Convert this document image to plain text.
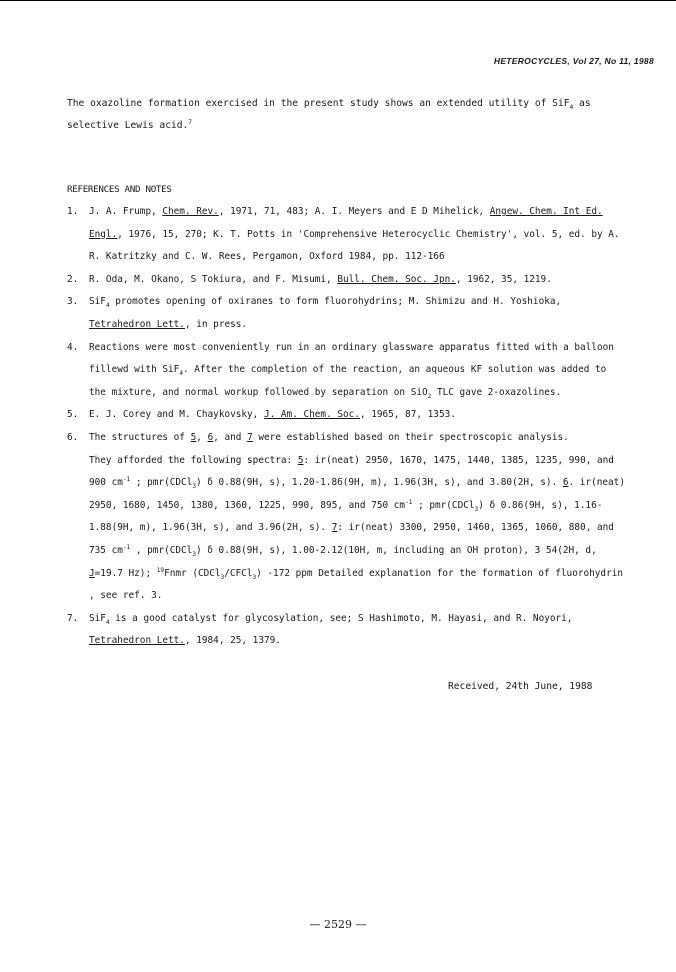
HETEROCYCLES, Vol 27, No 11, 1988
The oxazoline formation exercised in the present study shows an extended utility of SiF$_4$ as selective Lewis acid.$^7$
REFERENCES AND NOTES
1.	J. A. Frump, Chem. Rev., 1971, 71, 483; A. I. Meyers and E D Mihelick, Angew. Chem. Int Ed. Engl., 1976, 15, 270; K. T. Potts in 'Comprehensive Heterocyclic Chemistry', vol. 5, ed. by A. R. Katritzky and C. W. Rees, Pergamon, Oxford 1984, pp. 112-166
2.	R. Oda, M. Okano, S Tokiura, and F. Misumi, Bull. Chem. Soc. Jpn., 1962, 35, 1219.
3.	SiF$_4$ promotes opening of oxiranes to form fluorohydrins; M. Shimizu and H. Yoshioka, Tetrahedron Lett., in press.
4.	Reactions were most conveniently run in an ordinary glassware apparatus fitted with a balloon fillewd with SiF$_4$. After the completion of the reaction, an aqueous KF solution was added to the mixture, and normal workup followed by separation on SiO$_2$ TLC gave 2-oxazolines.
5.	E. J. Corey and M. Chaykovsky, J. Am. Chem. Soc., 1965, 87, 1353.
6.	The structures of 5, 6, and 7 were established based on their spectroscopic analysis.
They afforded the following spectra: 5: ir(neat) 2950, 1670, 1475, 1440, 1385, 1235, 990, and 900 $cm^{-1}$ ; pmr(CDCl$_3$) δ 0.88(9H, s), 1.20-1.86(9H, m), 1.96(3H, s), and 3.80(2H, s). 6. ir(neat) 2950, 1680, 1450, 1380, 1360, 1225, 990, 895, and 750 $cm^{-1}$ ; pmr(CDCl$_3$) δ 0.86(9H, s), 1.16-1.88(9H, m), 1.96(3H, s), and 3.96(2H, s). 7: ir(neat) 3300, 2950, 1460, 1365, 1060, 880, and 735 $cm^{-1}$ , pmr(CDCl$_3$) δ 0.88(9H, s), 1.00-2.12(10H, m, including an OH proton), 3 54(2H, d, J=19.7 Hz); $^{19}$Fnmr (CDCl$_3$/CFCl$_3$) -172 ppm Detailed explanation for the formation of fluorohydrin , see ref. 3.
7.	SiF$_4$ is a good catalyst for glycosylation, see; S Hashimoto, M. Hayasi, and R. Noyori, Tetrahedron Lett., 1984, 25, 1379.
Received, 24th June, 1988
— 2529 —
